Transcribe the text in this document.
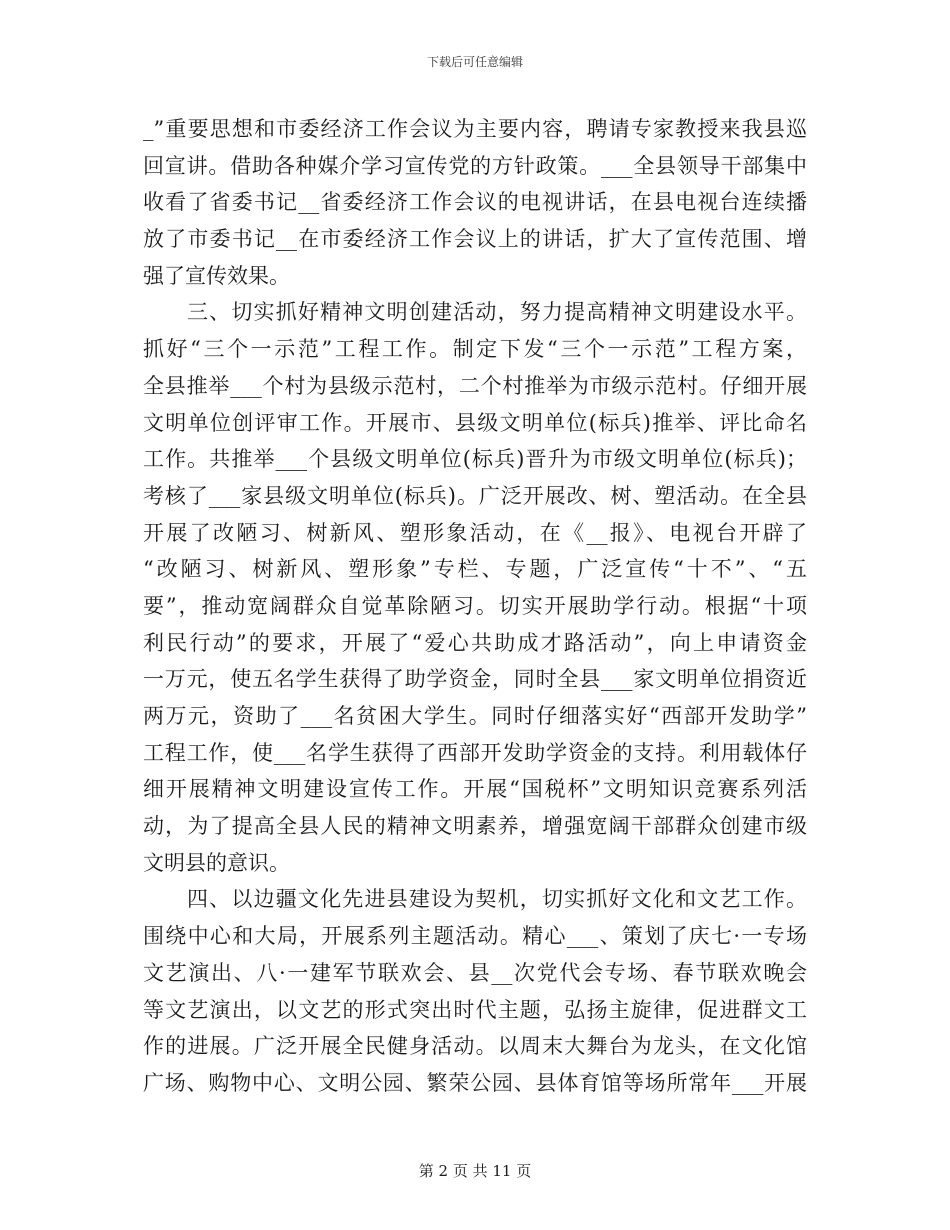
下载后可任意编辑
_”重要思想和市委经济工作会议为主要内容，聘请专家教授来我县巡
回宣讲。借助各种媒介学习宣传党的方针政策。___全县领导干部集中
收看了省委书记__省委经济工作会议的电视讲话，在县电视台连续播
放了市委书记__在市委经济工作会议上的讲话，扩大了宣传范围、增
强了宣传效果。
三、切实抓好精神文明创建活动，努力提高精神文明建设水平。
抓好“三个一示范”工程工作。制定下发“三个一示范”工程方案，
全县推举___个村为县级示范村，二个村推举为市级示范村。仔细开展
文明单位创评审工作。开展市、县级文明单位(标兵)推举、评比命名
工作。共推举___个县级文明单位(标兵)晋升为市级文明单位(标兵)；
考核了___家县级文明单位(标兵)。广泛开展改、树、塑活动。在全县
开展了改陋习、树新风、塑形象活动，在《__报》、电视台开辟了
“改陋习、树新风、塑形象”专栏、专题，广泛宣传“十不”、“五
要”，推动宽阔群众自觉革除陋习。切实开展助学行动。根据“十项
利民行动”的要求，开展了“爱心共助成才路活动”，向上申请资金
一万元，使五名学生获得了助学资金，同时全县___家文明单位捐资近
两万元，资助了___名贫困大学生。同时仔细落实好“西部开发助学”
工程工作，使___名学生获得了西部开发助学资金的支持。利用载体仔
细开展精神文明建设宣传工作。开展“国税杯”文明知识竞赛系列活
动，为了提高全县人民的精神文明素养，增强宽阔干部群众创建市级
文明县的意识。
四、以边疆文化先进县建设为契机，切实抓好文化和文艺工作。
围绕中心和大局，开展系列主题活动。精心___、策划了庆七·一专场
文艺演出、八·一建军节联欢会、县__次党代会专场、春节联欢晚会
等文艺演出，以文艺的形式突出时代主题，弘扬主旋律，促进群文工
作的进展。广泛开展全民健身活动。以周末大舞台为龙头，在文化馆
广场、购物中心、文明公园、繁荣公园、县体育馆等场所常年___开展
第 2 页 共 11 页
